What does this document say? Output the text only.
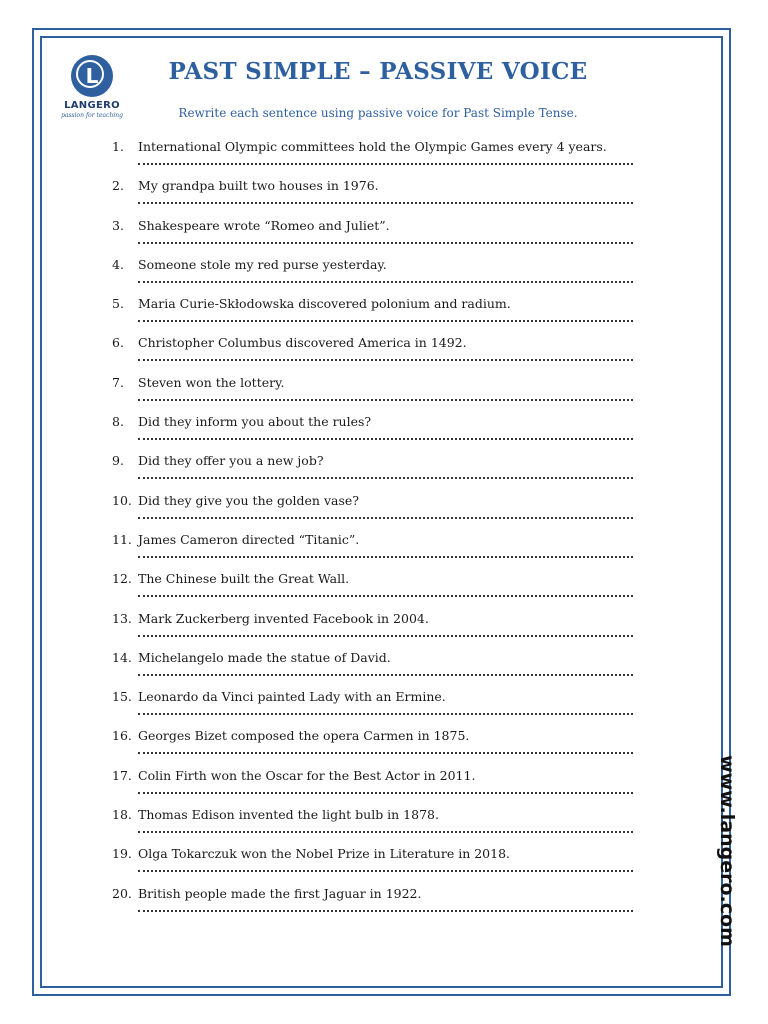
L
LANGERO
passion for teaching
PAST SIMPLE – PASSIVE VOICE

Rewrite each sentence using passive voice for Past Simple Tense.

1.	International Olympic committees hold the Olympic Games every 4 years.
2.	My grandpa built two houses in 1976.
3.	Shakespeare wrote “Romeo and Juliet”.
4.	Someone stole my red purse yesterday.
5.	Maria Curie-Skłodowska discovered polonium and radium.
6.	Christopher Columbus discovered America in 1492.
7.	Steven won the lottery.
8.	Did they inform you about the rules?
9.	Did they offer you a new job?
10. Did they give you the golden vase?
11. James Cameron directed “Titanic”.
12. The Chinese built the Great Wall.
13. Mark Zuckerberg invented Facebook in 2004.
14. Michelangelo made the statue of David.
15. Leonardo da Vinci painted Lady with an Ermine.
16. Georges Bizet composed the opera Carmen in 1875.
17. Colin Firth won the Oscar for the Best Actor in 2011.
18. Thomas Edison invented the light bulb in 1878.
19. Olga Tokarczuk won the Nobel Prize in Literature in 2018.
20. British people made the first Jaguar in 1922.	www.langero.com
